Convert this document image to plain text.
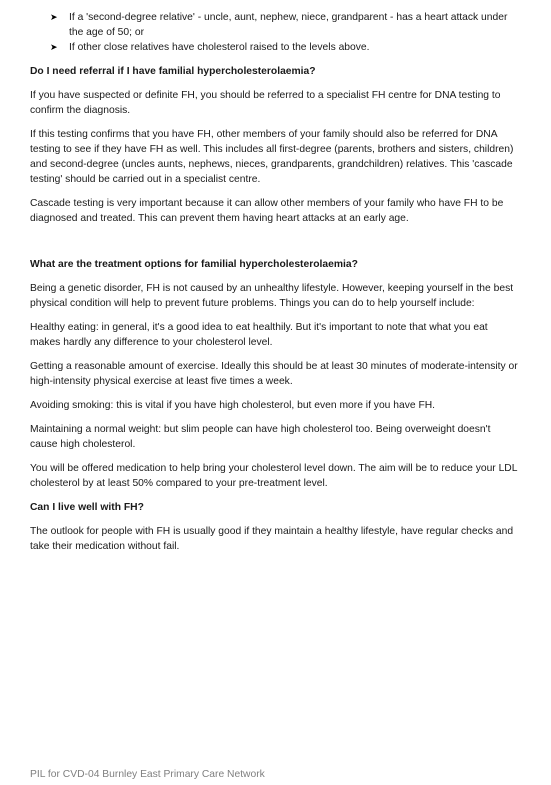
➤ If a 'second-degree relative' - uncle, aunt, nephew, niece, grandparent - has a heart attack under the age of 50; or
➤ If other close relatives have cholesterol raised to the levels above.

Do I need referral if I have familial hypercholesterolaemia?

If you have suspected or definite FH, you should be referred to a specialist FH centre for DNA testing to confirm the diagnosis.

If this testing confirms that you have FH, other members of your family should also be referred for DNA testing to see if they have FH as well. This includes all first-degree (parents, brothers and sisters, children) and second-degree (uncles aunts, nephews, nieces, grandparents, grandchildren) relatives. This 'cascade testing' should be carried out in a specialist centre.

Cascade testing is very important because it can allow other members of your family who have FH to be diagnosed and treated. This can prevent them having heart attacks at an early age.

What are the treatment options for familial hypercholesterolaemia?

Being a genetic disorder, FH is not caused by an unhealthy lifestyle. However, keeping yourself in the best physical condition will help to prevent future problems. Things you can do to help yourself include:

Healthy eating: in general, it's a good idea to eat healthily. But it's important to note that what you eat makes hardly any difference to your cholesterol level.

Getting a reasonable amount of exercise. Ideally this should be at least 30 minutes of moderate-intensity or high-intensity physical exercise at least five times a week.

Avoiding smoking: this is vital if you have high cholesterol, but even more if you have FH.

Maintaining a normal weight: but slim people can have high cholesterol too. Being overweight doesn't cause high cholesterol.

You will be offered medication to help bring your cholesterol level down. The aim will be to reduce your LDL cholesterol by at least 50% compared to your pre-treatment level.

Can I live well with FH?

The outlook for people with FH is usually good if they maintain a healthy lifestyle, have regular checks and take their medication without fail.

PIL for CVD-04 Burnley East Primary Care Network
